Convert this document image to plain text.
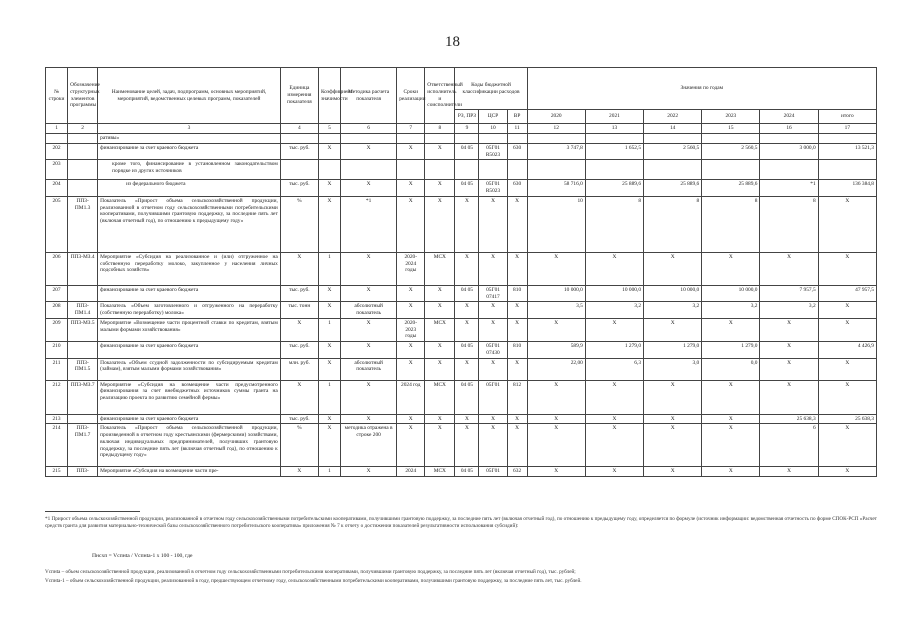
18
№ строки	Обозначение структурных элементов программы	Наименование целей, задач, подпрограмм, основных мероприятий, мероприятий, ведомственных целевых программ, показателей	Единица измерения показателя	Коэффициент значимости	Методика расчета показателя	Сроки реализации	Ответственный исполнитель и соисполнители	Коды бюджетной классификации расходов			Значения по годам					
								РЗ, ПРЗ	ЦСР	ВР	2020	2021	2022	2023	2024	итого
1	2	3	4	5	6	7	8	9	10	11	12	13	14	15	16	17
		ративы»														
202		финансирование за счет краевого бюджета	тыс. руб.	X	X	X	X	04 05	05Г01 R5023	630	3 747,8	1 652,5	2 560,5	2 560,5	3 000,0	13 521,3
203		кроме того, финансирование в установленном законодательством порядке из других источников														
204		из федерального бюджета	тыс. руб.	X	X	X	X	04 05	05Г01 R5023	630	58 716,0	25 889,6	25 889,6	25 889,6	*1	136 384,8
205	ПП3-ПМ1.3	Показатель «Прирост объема сельскохозяйственной продукции, реализованной в отчетном году сельскохозяйственными потребительскими кооперативами, получившими грантовую поддержку, за последние пять лет (включая отчетный год), по отношению к предыдущему году»	%	X	*1	X	X	X	X	X	10	8	8	8	8	X
206	ПП3-МЗ.4	Мероприятие «Субсидия на реализованное и (или) отгруженное на собственную переработку молоко, закупленное у населения личных подсобных хозяйств»	X	1	X	2020-2024 годы	МСХ	X	X	X	X	X	X	X	X	X
207		финансирование за счет краевого бюджета	тыс. руб.	X	X	X	X	04 05	05Г01 07417	810	10 000,0	10 000,0	10 000,0	10 000,0	7 957,5	47 957,5
208	ПП3-ПМ1.4	Показатель «Объем заготовленного и отгруженного на переработку (собственную переработку) молока»	тыс. тонн	X	абсолютный показатель	X	X	X	X	X	3,5	3,2	3,2	3,2	3,2	X
209	ПП3-МЗ.5	Мероприятие «Возмещение части процентной ставки по кредитам, взятым малыми формами хозяйствования»	X	1	X	2020-2023 годы	МСХ	X	X	X	X	X	X	X	X	X
210		финансирование за счет краевого бюджета	тыс. руб.	X	X	X	X	04 05	05Г01 07430	810	589,9	1 279,0	1 279,0	1 279,0	X	4 426,9
211	ПП3-ПМ1.5	Показатель «Объем ссудной задолженности по субсидируемым кредитам (займам), взятым малыми формами хозяйствования»	млн. руб.	X	абсолютный показатель	X	X	X	X	X	22,00	6,3	3,0	0,0	X	X
212	ПП3-МЗ.7	Мероприятие «Субсидия на возмещение части предусмотренного финансирования за счет внебюджетных источников суммы гранта на реализацию проекта по развитию семейной фермы»	X	1	X	2024 год	МСХ	04 05	05Г01	812	X	X	X	X	X	X
213		финансирование за счет краевого бюджета	тыс. руб.	X	X	X	X	X	X	X	X	X	X	X	25 638,3	25 638,3
214	ПП3-ПМ1.7	Показатель «Прирост объема сельскохозяйственной продукции, произведенной в отчетном году крестьянскими (фермерскими) хозяйствами, включая индивидуальных предпринимателей, получивших грантовую поддержку, за последние пять лет (включая отчетный год), по отношению к предыдущему году»	%	X	методика отражена в строке 200	X	X	X	X	X	X	X	X	X	6	X
215	ПП3-	Мероприятие «Субсидия на возмещение части пре-	X	1	X	2024	МСХ	04 05	05Г01	632	X	X	X	X	X	X
*1 Прирост объема сельскохозяйственной продукции, реализованной в отчетном году сельскохозяйственными потребительскими кооперативами, получившими грантовую поддержку, за последние пять лет (включая отчетный год), по отношению к предыдущему году, определяется по формуле (источник информации: ведомственная отчетность по форме СПОК-РСП «Расчет средств гранта для развития материально-технической базы сельскохозяйственного потребительского кооператива» приложения № 7 к отчету о достижении показателей результативности использования субсидий):
Пнсхп = Vспнtа / Vспнtа-1 х 100 - 100, где
Vспнtа – объем сельскохозяйственной продукции, реализованной в отчетном году сельскохозяйственными потребительскими кооперативами, получившими грантовую поддержку, за последние пять лет (включая отчетный год), тыс. рублей;
Vспнtа-1 – объем сельскохозяйственной продукции, реализованной в году, предшествующем отчетному году, сельскохозяйственными потребительскими кооперативами, получившими грантовую поддержку, за последние пять лет, тыс. рублей.
